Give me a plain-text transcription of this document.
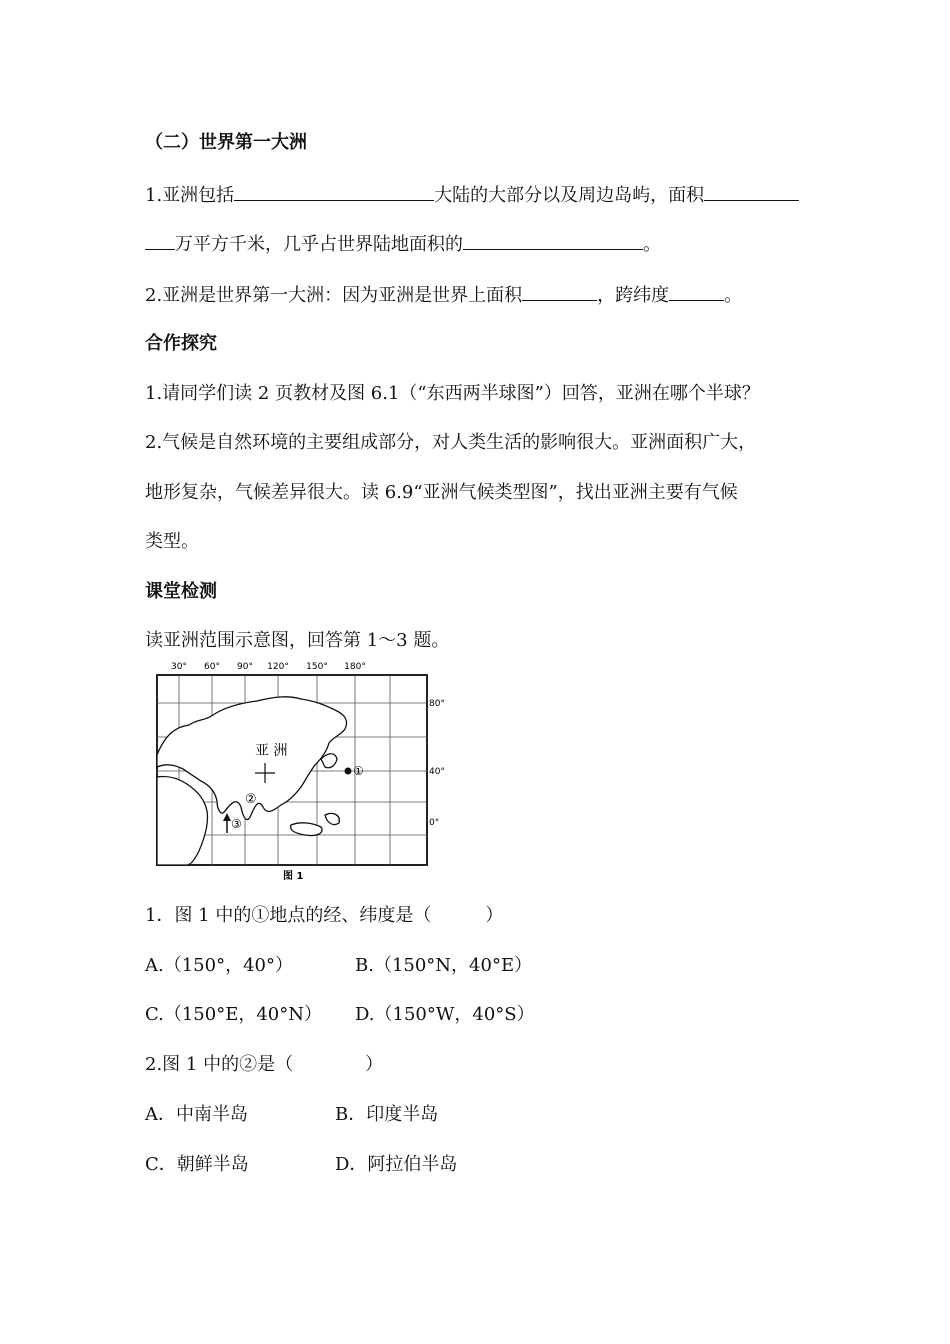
（二）世界第一大洲
1.亚洲包括	大陆的大部分以及周边岛屿，面积
万平方千米，几乎占世界陆地面积的	。
2.亚洲是世界第一大洲：因为亚洲是世界上面积	，跨纬度	。
合作探究
1.请同学们读 2 页教材及图 6.1（“东西两半球图”）回答，亚洲在哪个半球？
2.气候是自然环境的主要组成部分，对人类生活的影响很大。亚洲面积广大，
地形复杂，气候差异很大。读 6.9“亚洲气候类型图”，找出亚洲主要有气候
类型。
课堂检测
读亚洲范围示意图，回答第 1～3 题。
30° 60° 90° 120° 150° 180°
80°
40°
0°
亚 洲
①
②
③
图 1
1．图 1 中的①地点的经、纬度是（　　　）
A.（150°，40°）	B.（150°N，40°E）
C.（150°E，40°N） D.（150°W，40°S）
2.图 1 中的②是（　　　　）
A．中南半岛	B．印度半岛
C．朝鲜半岛	D．阿拉伯半岛
